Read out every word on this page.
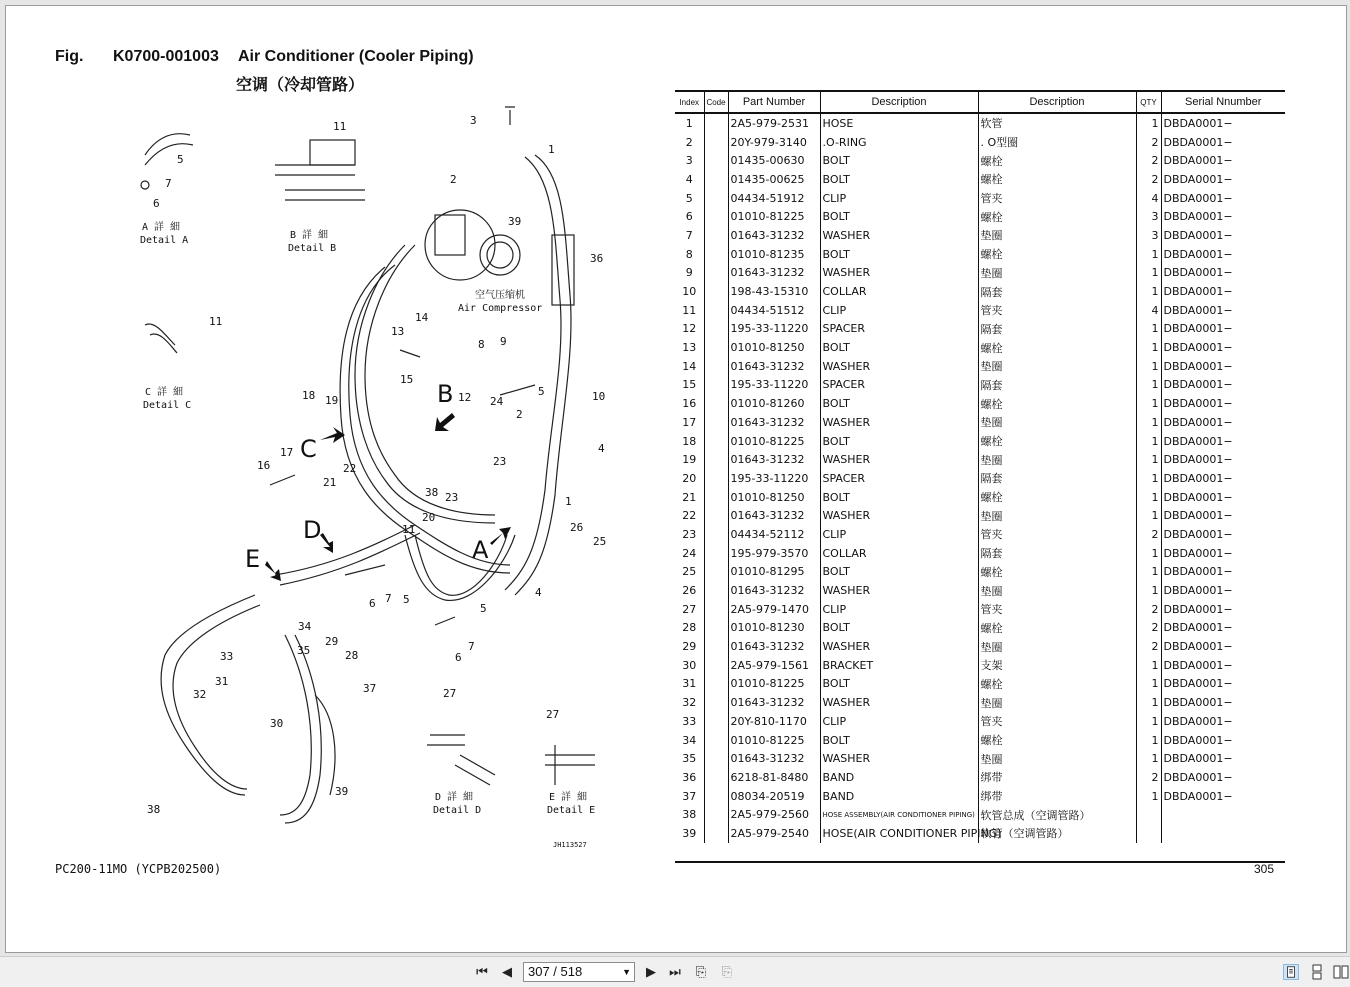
Fig. K0700-001003 Air Conditioner (Cooler Piping)
空调（冷却管路）
11
5
7
6
1
3
2
39
36
11	14
13
8 9
15
12	5	10
18 19	24
2
4
17
16	22
23
21
38 23	1
20
11	26
25
6 7 5
5
4
34
35
29
28
7
6
33
37
31
32
30
39
38
27
27
C
B
D
E	A
A 詳 細
Detail A	B 詳 細
Detail B
C 詳 細
Detail C
D 詳 細
Detail D
E 詳 細
Detail E
空气压缩机
Air Compressor
JH113527
Index	Code	Part Number	Description	Description	QTY	Serial Nnumber
1		2A5-979-2531	HOSE	软管	1	DBDA0001−
2		20Y-979-3140	.O-RING	. O型圈	2	DBDA0001−
3		01435-00630	BOLT	螺栓	2	DBDA0001−
4		01435-00625	BOLT	螺栓	2	DBDA0001−
5		04434-51912	CLIP	管夹	4	DBDA0001−
6		01010-81225	BOLT	螺栓	3	DBDA0001−
7		01643-31232	WASHER	垫圈	3	DBDA0001−
8		01010-81235	BOLT	螺栓	1	DBDA0001−
9		01643-31232	WASHER	垫圈	1	DBDA0001−
10		198-43-15310	COLLAR	隔套	1	DBDA0001−
11		04434-51512	CLIP	管夹	4	DBDA0001−
12		195-33-11220	SPACER	隔套	1	DBDA0001−
13		01010-81250	BOLT	螺栓	1	DBDA0001−
14		01643-31232	WASHER	垫圈	1	DBDA0001−
15		195-33-11220	SPACER	隔套	1	DBDA0001−
16		01010-81260	BOLT	螺栓	1	DBDA0001−
17		01643-31232	WASHER	垫圈	1	DBDA0001−
18		01010-81225	BOLT	螺栓	1	DBDA0001−
19		01643-31232	WASHER	垫圈	1	DBDA0001−
20		195-33-11220	SPACER	隔套	1	DBDA0001−
21		01010-81250	BOLT	螺栓	1	DBDA0001−
22		01643-31232	WASHER	垫圈	1	DBDA0001−
23		04434-52112	CLIP	管夹	2	DBDA0001−
24		195-979-3570	COLLAR	隔套	1	DBDA0001−
25		01010-81295	BOLT	螺栓	1	DBDA0001−
26		01643-31232	WASHER	垫圈	1	DBDA0001−
27		2A5-979-1470	CLIP	管夹	2	DBDA0001−
28		01010-81230	BOLT	螺栓	2	DBDA0001−
29		01643-31232	WASHER	垫圈	2	DBDA0001−
30		2A5-979-1561	BRACKET	支架	1	DBDA0001−
31		01010-81225	BOLT	螺栓	1	DBDA0001−
32		01643-31232	WASHER	垫圈	1	DBDA0001−
33		20Y-810-1170	CLIP	管夹	1	DBDA0001−
34		01010-81225	BOLT	螺栓	1	DBDA0001−
35		01643-31232	WASHER	垫圈	1	DBDA0001−
36		6218-81-8480	BAND	绑带	2	DBDA0001−
37		08034-20519	BAND	绑带	1	DBDA0001−
38		2A5-979-2560	HOSE ASSEMBLY(AIR CONDITIONER PIPING)	软管总成（空调管路）		
39		2A5-979-2540	HOSE(AIR CONDITIONER PIPING)	软管（空调管路）		
PC200-11MO (YCPB202500)	305
⏮ ◀	307 / 518	▼ ▶ ⏭ ⎘ ⎘
